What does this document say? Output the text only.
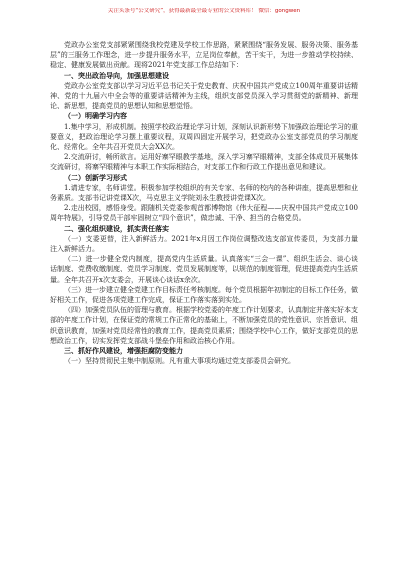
关注头条号“公文研究”，获得最新最全最专业的公文资料库！ 微信：gongwen

党政办公室党支部紧紧围绕我校党建及学校工作思路，紧紧围绕“服务发展、服务决策、服务基层”的三服务工作理念，进一步提升服务水平，立足岗位奉献，苦干实干，为进一步推动学校持续、稳定、健康发展做出贡献。现将2021年党支部工作总结如下：

一、突出政治导向，加强思想建设

党政办公室党支部以学习习近平总书记关于党史教育、庆祝中国共产党成立100周年重要讲话精神、党的十九届六中全会等的重要讲话精神为主线，组织支部党员深入学习贯彻党的新精神、新理论、新思想，提高党员的思想认知和思想觉悟。

（一）明确学习内容

1.集中学习，形成机制。按照学校政治理论学习计划，深刻认识新形势下加强政治理论学习的重要意义，把政治理论学习摆上重要议程，双周四固定开展学习，把党政办公室支部党员的学习制度化、经常化。全年共召开党员大会XX次。

2.交流研讨，畅所欲言。运用好寨罕眼教学基地，深入学习寨罕眼精神，支部全体成员开展集体交流研讨，将寨罕眼精神与本职工作实际相结合，对支部工作和行政工作提出意见和建议。

（二）创新学习形式

1.请进专家，名师讲堂。积极参加学校组织的有关专家、名师的校内的各种讲座，提高思想和业务素质。支部书记讲党课X次，马克思主义学院刘永生教授讲党课X次。

2.走出校园，感悟身受。跟随机关党委参观首都博物馆《伟大征程——庆祝中国共产党成立100周年特展》，引导党员干部牢固树立“四个意识”，做忠诚、干净、担当的合格党员。

二、强化组织建设，抓实责任落实

（一）支委更替，注入新鲜活力。2021年x月因工作岗位调整改选支部宣传委员，为支部力量注入新鲜活力。

（二）进一步健全党内制度，提高党内生活质量。认真落实“三会一课”、组织生活会、谈心谈话制度、党费收缴制度、党员学习制度、党员发展制度等，以规范的制度管理，促进提高党内生活质量。全年共召开x次支委会，开展谈心谈话x余次。

（三）进一步建立健全党建工作目标责任考核制度。每个党员根据年初制定的目标工作任务，做好相关工作，促进各项党建工作完成，保证工作落实落到实处。

（四）加强党员队伍的管理与教育。根据学校党委的年度工作计划要求，认真制定并落实好本支部的年度工作计划，在保证党的常规工作正常化的基础上，不断加强党员的党性意识、宗旨意识、组织意识教育，加强对党员经常性的教育工作，提高党员素质；围绕学校中心工作，做好支部党员的思想政治工作，切实发挥党支部战斗堡垒作用和政治核心作用。

三、抓好作风建设，增强拒腐防变能力

（一）坚持贯彻民主集中制原则。凡有重大事项均通过党支部委员会研究。
